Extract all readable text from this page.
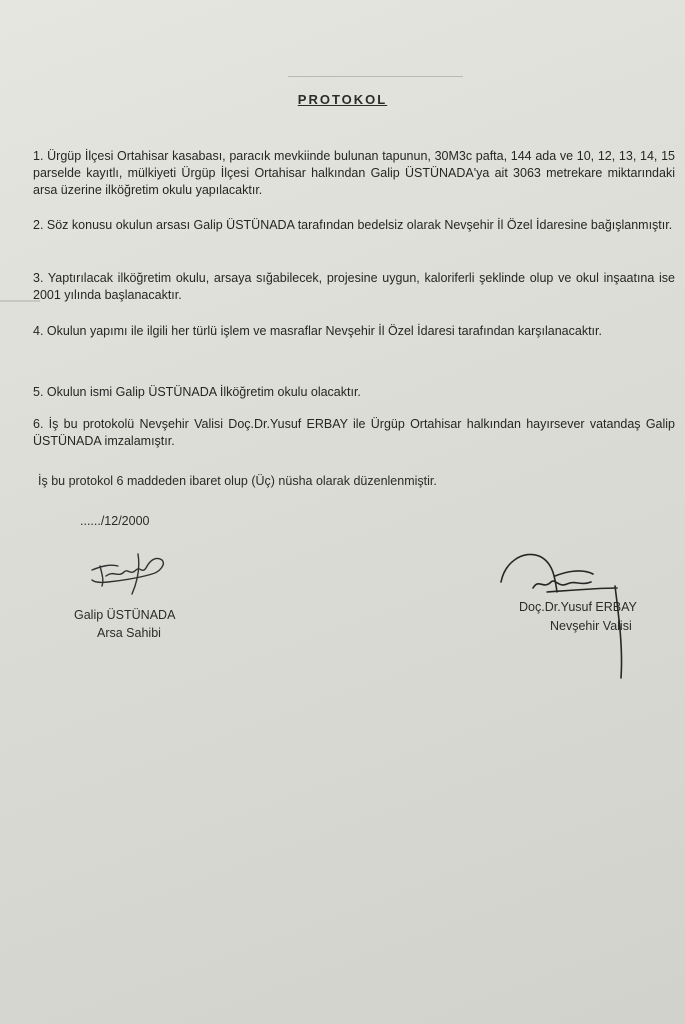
PROTOKOL
1. Ürgüp İlçesi Ortahisar kasabası, paracık mevkiinde bulunan tapunun, 30M3c pafta, 144 ada ve 10, 12, 13, 14, 15 parselde kayıtlı, mülkiyeti Ürgüp İlçesi Ortahisar halkından Galip ÜSTÜNADA'ya ait 3063 metrekare miktarındaki arsa üzerine ilköğretim okulu yapılacaktır.
2. Söz konusu okulun arsası Galip ÜSTÜNADA tarafından bedelsiz olarak Nevşehir İl Özel İdaresine bağışlanmıştır.
3. Yaptırılacak ilköğretim okulu, arsaya sığabilecek, projesine uygun, kaloriferli şeklinde olup ve okul inşaatına ise 2001 yılında başlanacaktır.
4. Okulun yapımı ile ilgili her türlü işlem ve masraflar Nevşehir İl Özel İdaresi tarafından karşılanacaktır.
5. Okulun ismi Galip ÜSTÜNADA İlköğretim okulu olacaktır.
6. İş bu protokolü Nevşehir Valisi Doç.Dr.Yusuf ERBAY ile Ürgüp Ortahisar halkından hayırsever vatandaş Galip ÜSTÜNADA imzalamıştır.
İş bu protokol 6 maddeden ibaret olup (Üç) nüsha olarak düzenlenmiştir.
....../12/2000
Galip ÜSTÜNADA
Arsa Sahibi
Doç.Dr.Yusuf ERBAY
Nevşehir Valisi
